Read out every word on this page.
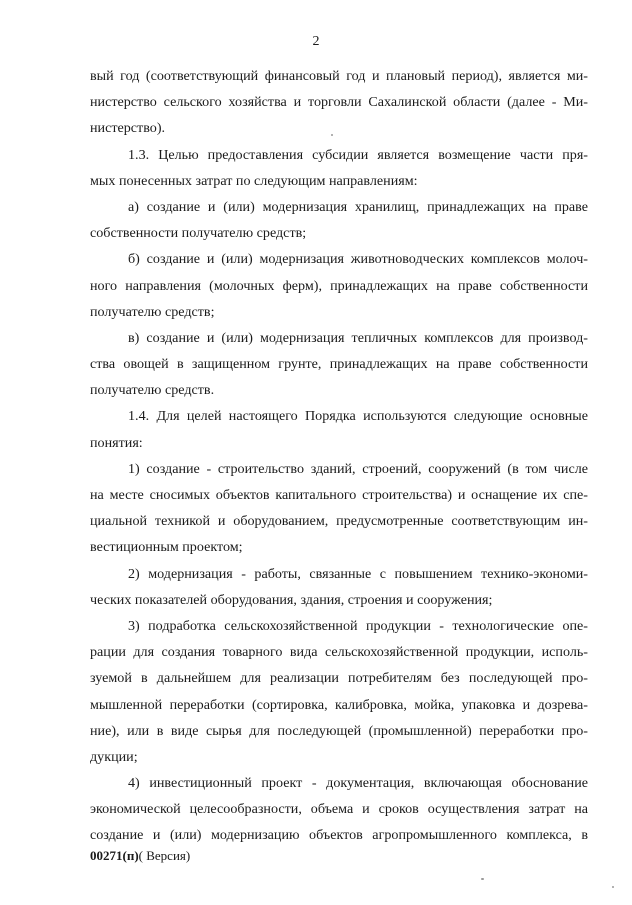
2
вый год (соответствующий финансовый год и плановый период), является ми-
нистерство сельского хозяйства и торговли Сахалинской области (далее - Ми-
нистерство).
1.3. Целью предоставления субсидии является возмещение части пря-
мых понесенных затрат по следующим направлениям:
а) создание и (или) модернизация хранилищ, принадлежащих на праве
собственности получателю средств;
б) создание и (или) модернизация животноводческих комплексов молоч-
ного направления (молочных ферм), принадлежащих на праве собственности
получателю средств;
в) создание и (или) модернизация тепличных комплексов для производ-
ства овощей в защищенном грунте, принадлежащих на праве собственности
получателю средств.
1.4. Для целей настоящего Порядка используются следующие основные
понятия:
1) создание - строительство зданий, строений, сооружений (в том числе
на месте сносимых объектов капитального строительства) и оснащение их спе-
циальной техникой и оборудованием, предусмотренные соответствующим ин-
вестиционным проектом;
2) модернизация - работы, связанные с повышением технико-экономи-
ческих показателей оборудования, здания, строения и сооружения;
3) подработка сельскохозяйственной продукции - технологические опе-
рации для создания товарного вида сельскохозяйственной продукции, исполь-
зуемой в дальнейшем для реализации потребителям без последующей про-
мышленной переработки (сортировка, калибровка, мойка, упаковка и дозрева-
ние), или в виде сырья для последующей (промышленной) переработки про-
дукции;
4) инвестиционный проект - документация, включающая обоснование
экономической целесообразности, объема и сроков осуществления затрат на
создание и (или) модернизацию объектов агропромышленного комплекса, в
00271(п)( Версия)
